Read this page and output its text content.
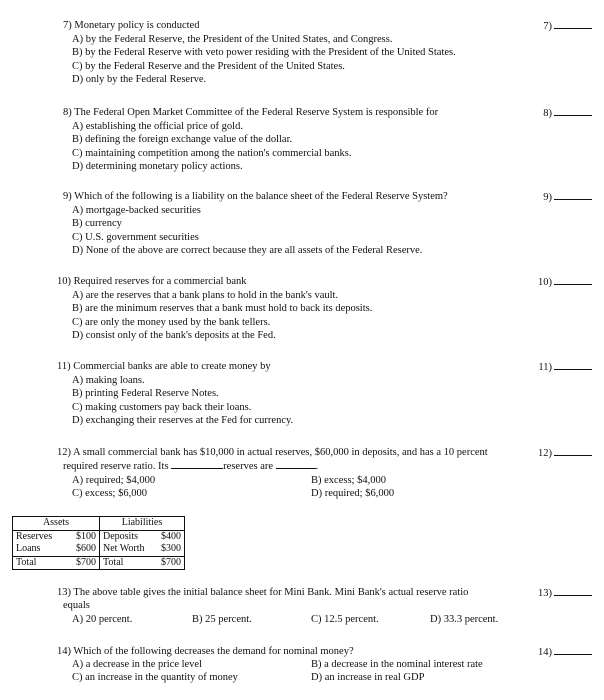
7) Monetary policy is conducted	7)
A) by the Federal Reserve, the President of the United States, and Congress.
B) by the Federal Reserve with veto power residing with the President of the United States.
C) by the Federal Reserve and the President of the United States.
D) only by the Federal Reserve.
8) The Federal Open Market Committee of the Federal Reserve System is responsible for	8)
A) establishing the official price of gold.
B) defining the foreign exchange value of the dollar.
C) maintaining competition among the nation's commercial banks.
D) determining monetary policy actions.
9) Which of the following is a liability on the balance sheet of the Federal Reserve System?	9)
A) mortgage-backed securities
B) currency
C) U.S. government securities
D) None of the above are correct because they are all assets of the Federal Reserve.
10) Required reserves for a commercial bank	10)
A) are the reserves that a bank plans to hold in the bank's vault.
B) are the minimum reserves that a bank must hold to back its deposits.
C) are only the money used by the bank tellers.
D) consist only of the bank's deposits at the Fed.
11) Commercial banks are able to create money by	11)
A) making loans.
B) printing Federal Reserve Notes.
C) making customers pay back their loans.
D) exchanging their reserves at the Fed for currency.
12) A small commercial bank has $10,000 in actual reserves, $60,000 in deposits, and has a 10 percent
required reserve ratio. Its	reserves are	.
12)
A) required; $4,000	B) excess; $4,000
C) excess; $6,000	D) required; $6,000
Assets		Liabilities	
Reserves	$100	Deposits	$400
Loans	$600	Net Worth	$300
Total	$700	Total	$700
13) The above table gives the initial balance sheet for Mini Bank. Mini Bank's actual reserve ratio
equals
13)
A) 20 percent.	B) 25 percent.	C) 12.5 percent.	D) 33.3 percent.
14) Which of the following decreases the demand for nominal money?	14)
A) a decrease in the price level	B) a decrease in the nominal interest rate
C) an increase in the quantity of money	D) an increase in real GDP
